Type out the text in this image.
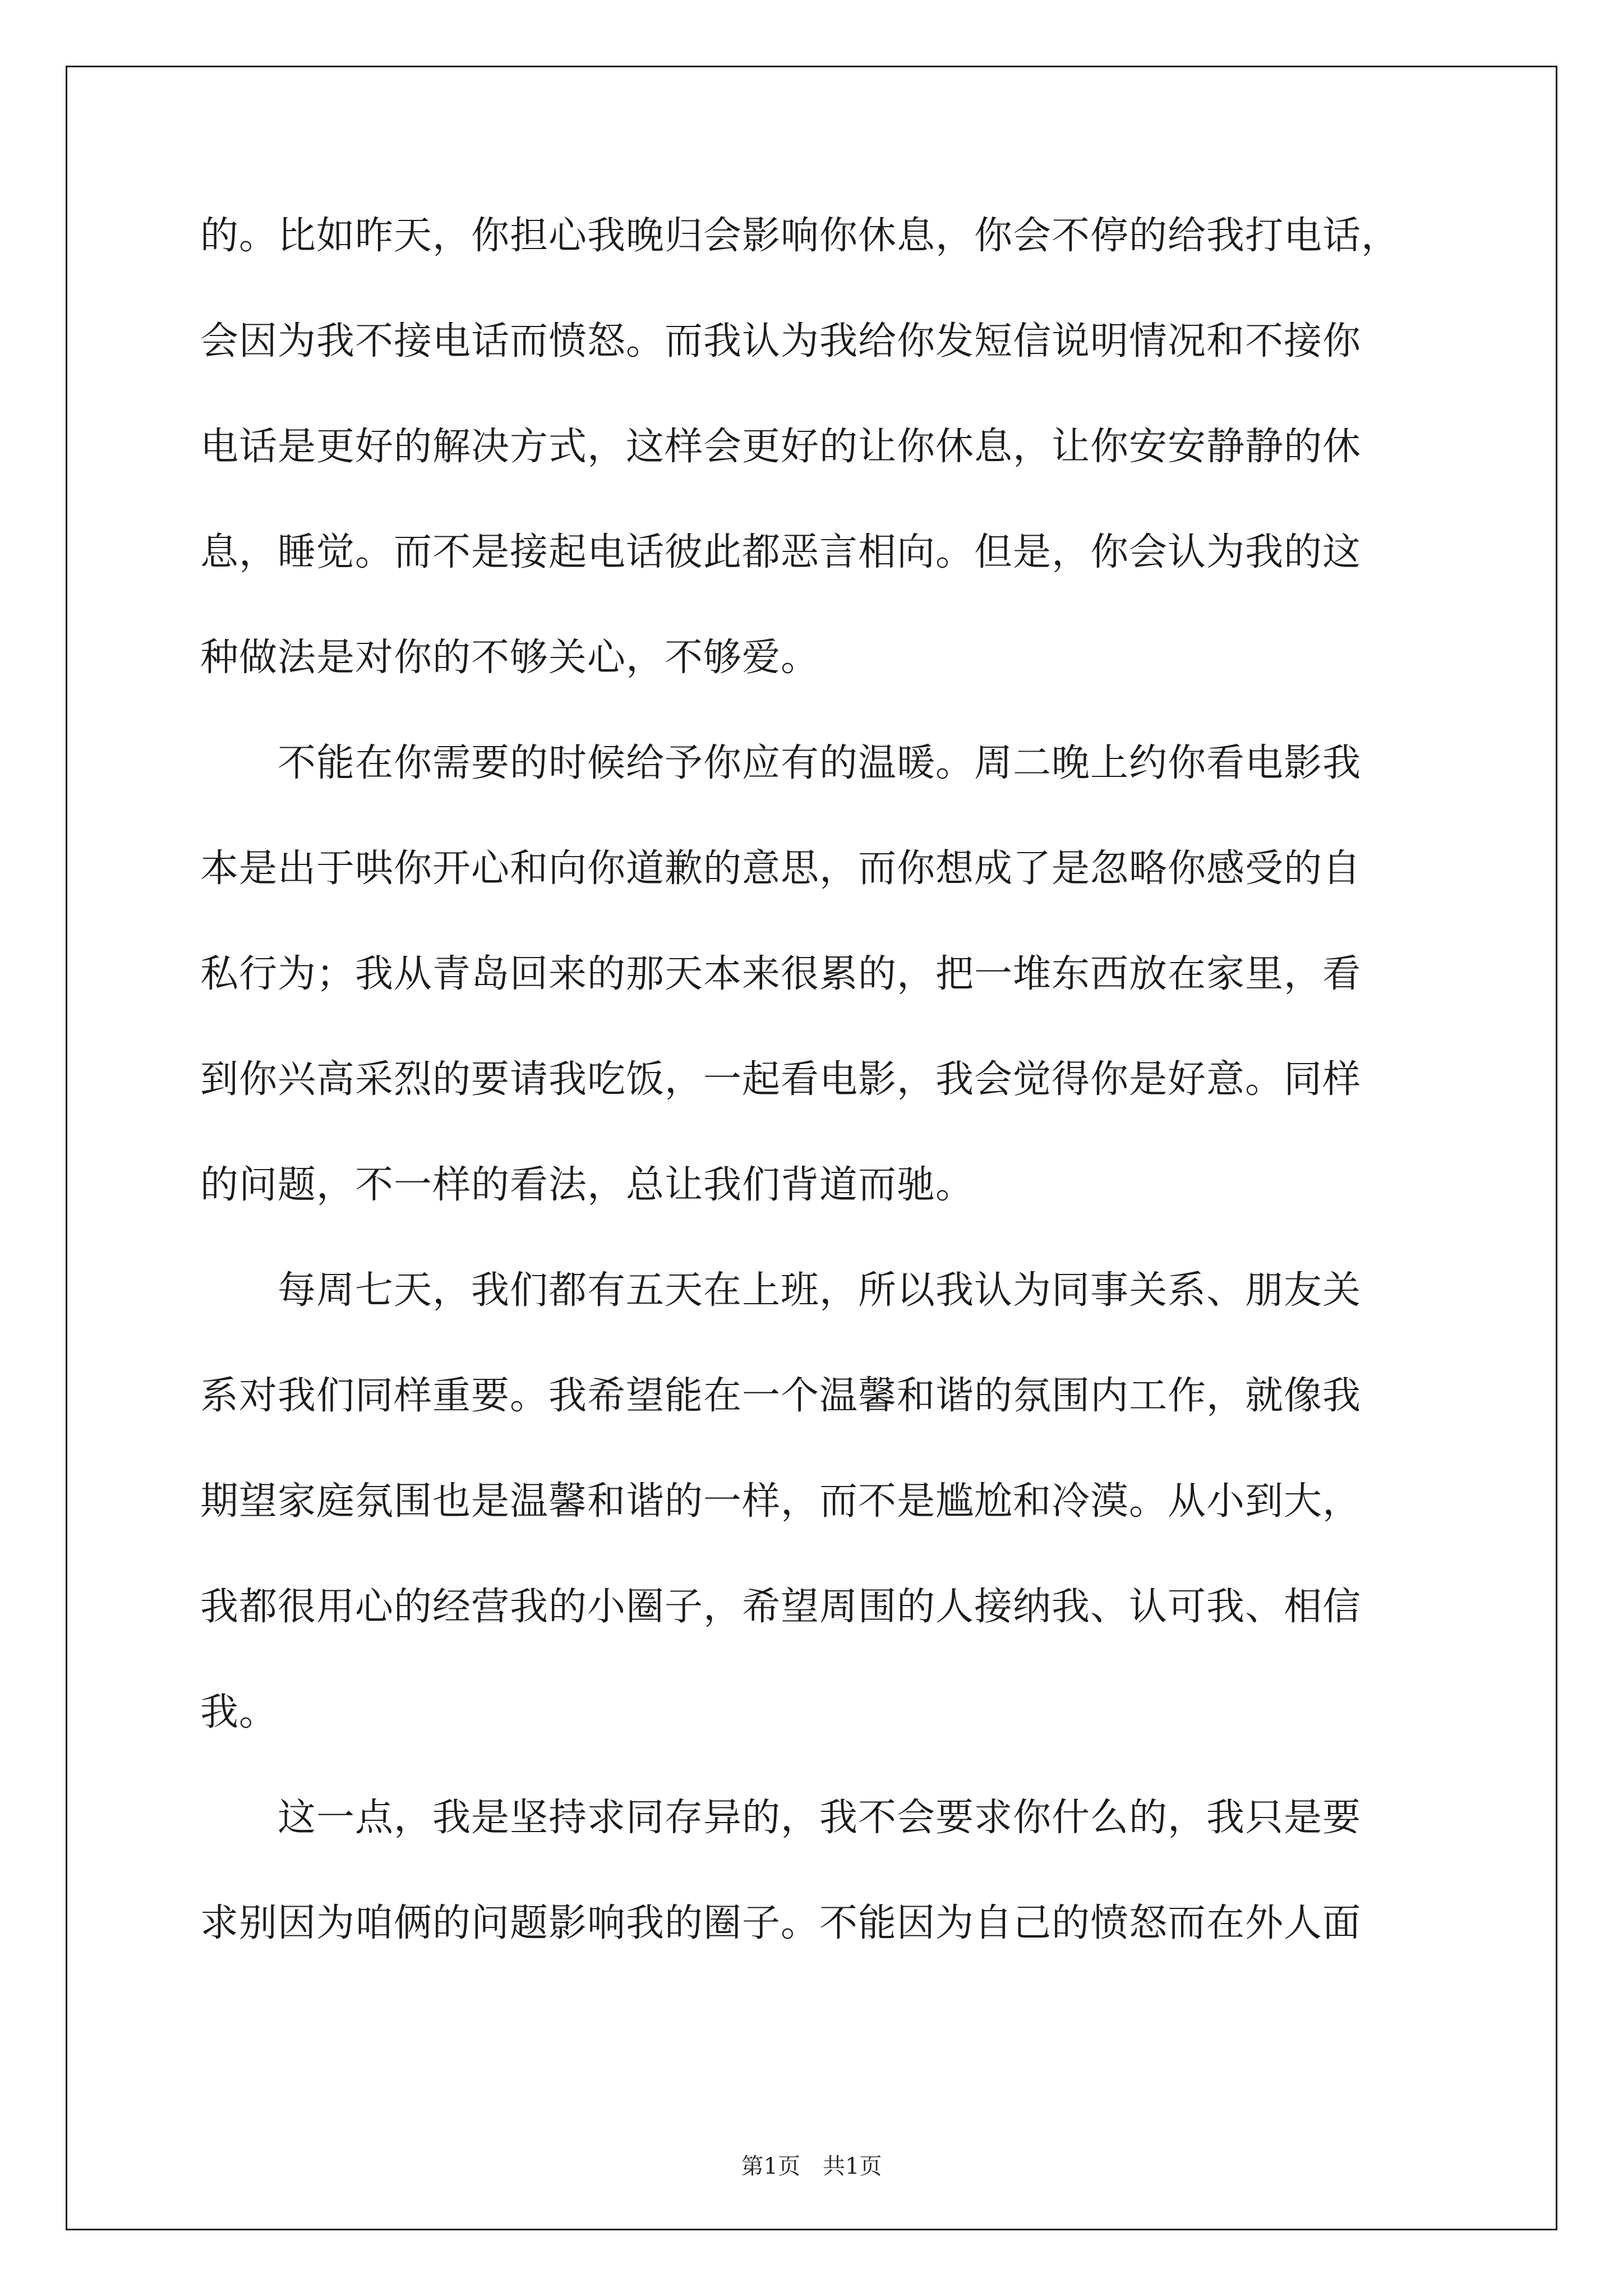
的。比如昨天，你担心我晚归会影响你休息，你会不停的给我打电话，
会因为我不接电话而愤怒。而我认为我给你发短信说明情况和不接你
电话是更好的解决方式，这样会更好的让你休息，让你安安静静的休
息，睡觉。而不是接起电话彼此都恶言相向。但是，你会认为我的这
种做法是对你的不够关心，不够爱。
　　不能在你需要的时候给予你应有的温暖。周二晚上约你看电影我
本是出于哄你开心和向你道歉的意思，而你想成了是忽略你感受的自
私行为；我从青岛回来的那天本来很累的，把一堆东西放在家里，看
到你兴高采烈的要请我吃饭，一起看电影，我会觉得你是好意。同样
的问题，不一样的看法，总让我们背道而驰。
　　每周七天，我们都有五天在上班，所以我认为同事关系、朋友关
系对我们同样重要。我希望能在一个温馨和谐的氛围内工作，就像我
期望家庭氛围也是温馨和谐的一样，而不是尴尬和冷漠。从小到大，
我都很用心的经营我的小圈子，希望周围的人接纳我、认可我、相信
我。
　　这一点，我是坚持求同存异的，我不会要求你什么的，我只是要
求别因为咱俩的问题影响我的圈子。不能因为自己的愤怒而在外人面
第1页 共1页
